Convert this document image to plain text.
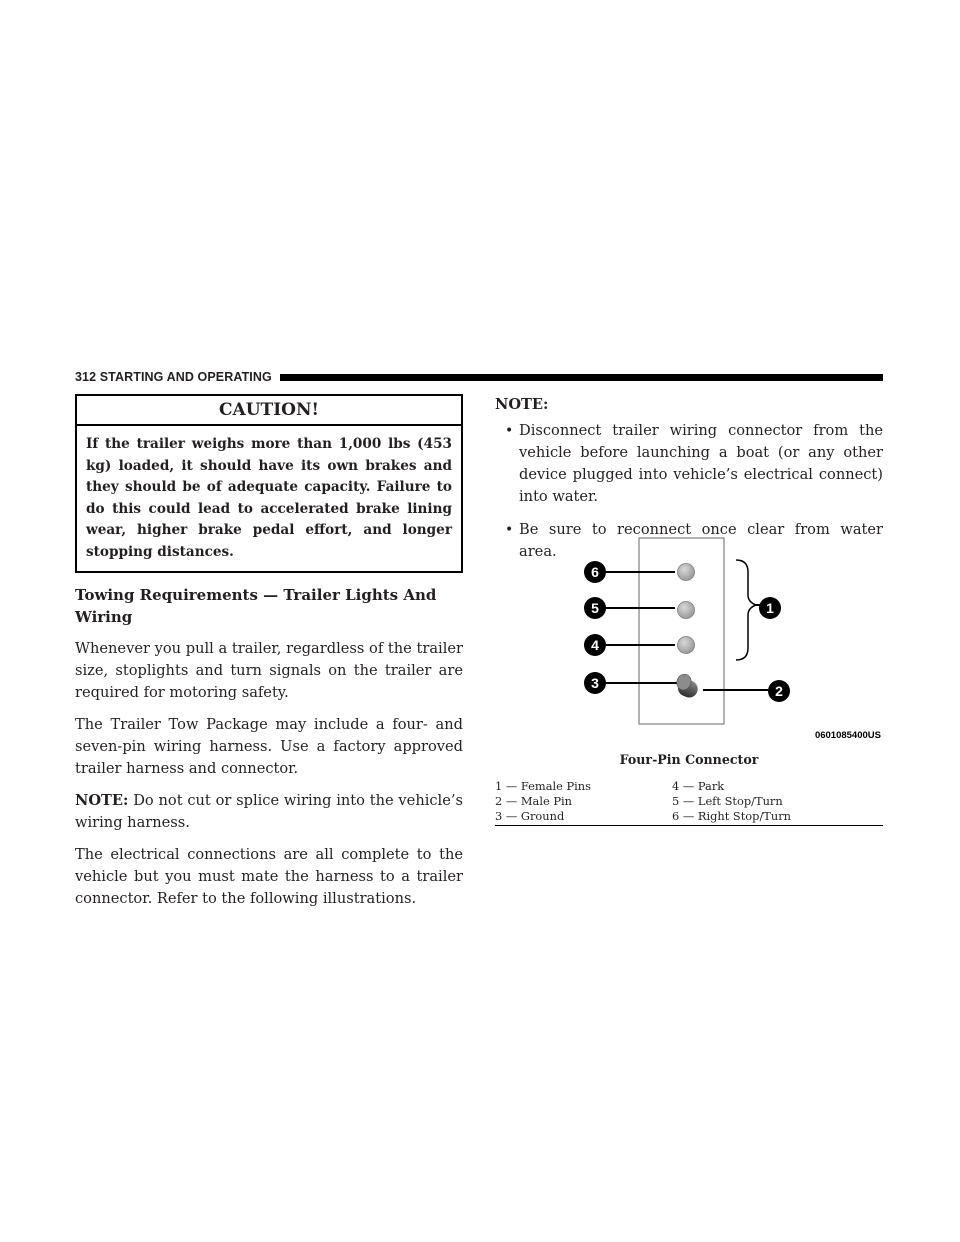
312 STARTING AND OPERATING
CAUTION!
If the trailer weighs more than 1,000 lbs (453 kg) loaded, it should have its own brakes and they should be of adequate capacity. Failure to do this could lead to accelerated brake lining wear, higher brake pedal effort, and longer stopping distances.
Towing Requirements — Trailer Lights And Wiring

Whenever you pull a trailer, regardless of the trailer size, stoplights and turn signals on the trailer are required for motoring safety.

The Trailer Tow Package may include a four- and seven-pin wiring harness. Use a factory approved trailer harness and connector.

NOTE: Do not cut or splice wiring into the vehicle’s wiring harness.

The electrical connections are all complete to the vehicle but you must mate the harness to a trailer connector. Refer to the following illustrations.

NOTE:
• Disconnect trailer wiring connector from the vehicle before launching a boat (or any other device plugged into vehicle’s electrical connect) into water.
• Be sure to reconnect once clear from water area.
6
5
4
3
1
2
0601085400US
Four-Pin Connector
1 — Female Pins	4 — Park
2 — Male Pin	5 — Left Stop/Turn
3 — Ground	6 — Right Stop/Turn
